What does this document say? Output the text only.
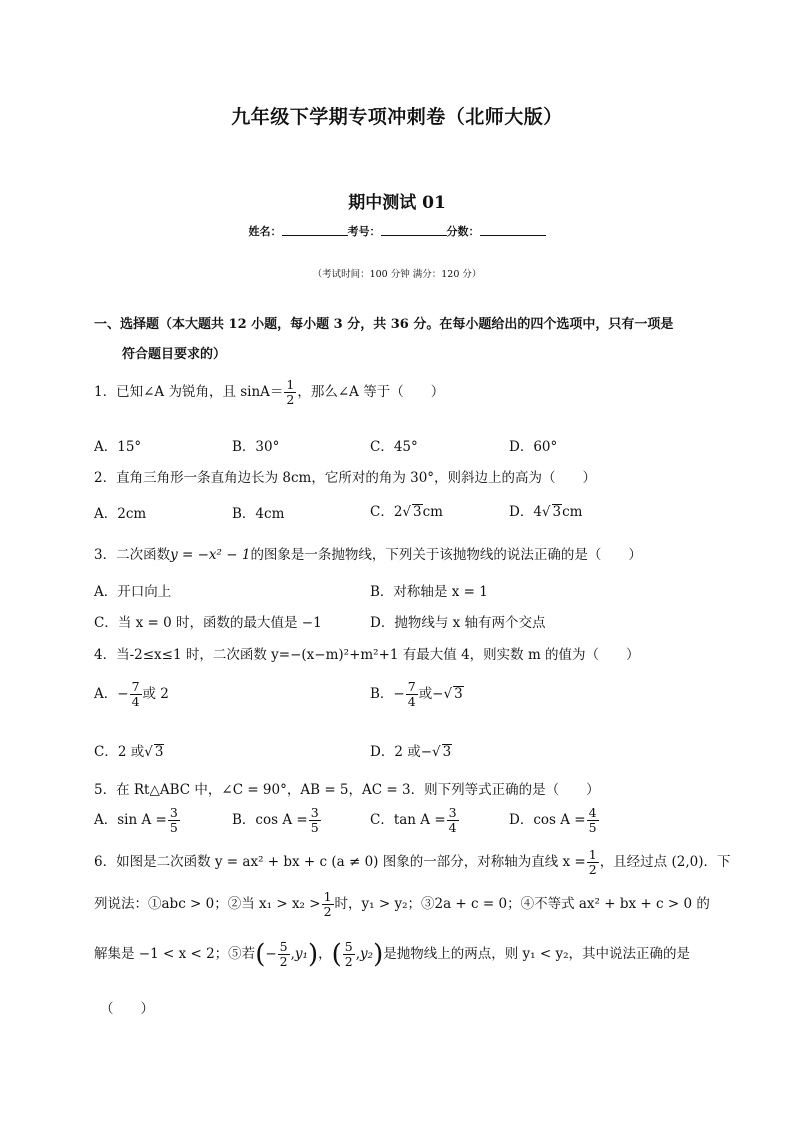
九年级下学期专项冲刺卷（北师大版）
期中测试 01
姓名：	考号：	分数：
（考试时间：100 分钟 满分：120 分）
一、选择题（本大题共 12 小题，每小题 3 分，共 36 分。在每小题给出的四个选项中，只有一项是
符合题目要求的）
1．已知∠A 为锐角，且 $\sin A= \frac{1}{2}$ ，那么∠A 等于（　　）
A．15°	B．30°	C．45°	D．60°
2．直角三角形一条直角边长为 8cm，它所对的角为 30°，则斜边上的高为（　　）
A．2cm	B．4cm	C．2√ 3cm	D．4√ 3cm
3．二次函数y = −x² − 1的图象是一条抛物线，下列关于该抛物线的说法正确的是（　　）
A．开口向上	B．对称轴是 x = 1
C．当 x = 0 时，函数的最大值是 −1	D．抛物线与 x 轴有两个交点
4．当-2≤x≤1 时，二次函数 y=−(x−m)²+m²+1 有最大值 4，则实数 m 的值为（　　）
A．− $\frac{7}{4}$ 或 2	B．− $\frac{7}{4}$ 或−√ 3
C．2 或√ 3	D．2 或−√ 3
5．在 Rt△ABC 中，∠C = 90°，AB = 5，AC = 3．则下列等式正确的是（　　）
A．$\sin A = \frac{3}{5}$	B．$\cos A = \frac{3}{5}$	C．$\tan A = \frac{3}{4}$	D．$\cos A = \frac{4}{5}$
6．如图是二次函数 y = ax² + bx + c (a ≠ 0) 图象的一部分，对称轴为直线 $x = \frac{1}{2}$ ，且经过点 (2,0)．下
列说法：①abc > 0；②当 $x_1 > x_2 > \frac{1}{2}$ 时，y₁ > y₂；③2a + c = 0；④不等式 ax² + bx + c > 0 的
解集是 −1 < x < 2；⑤若(− $\frac{5}{2} ,y_1$)，( $\frac{5}{2} ,y_2$)是抛物线上的两点，则 y₁ < y₂，其中说法正确的是
（　　）
